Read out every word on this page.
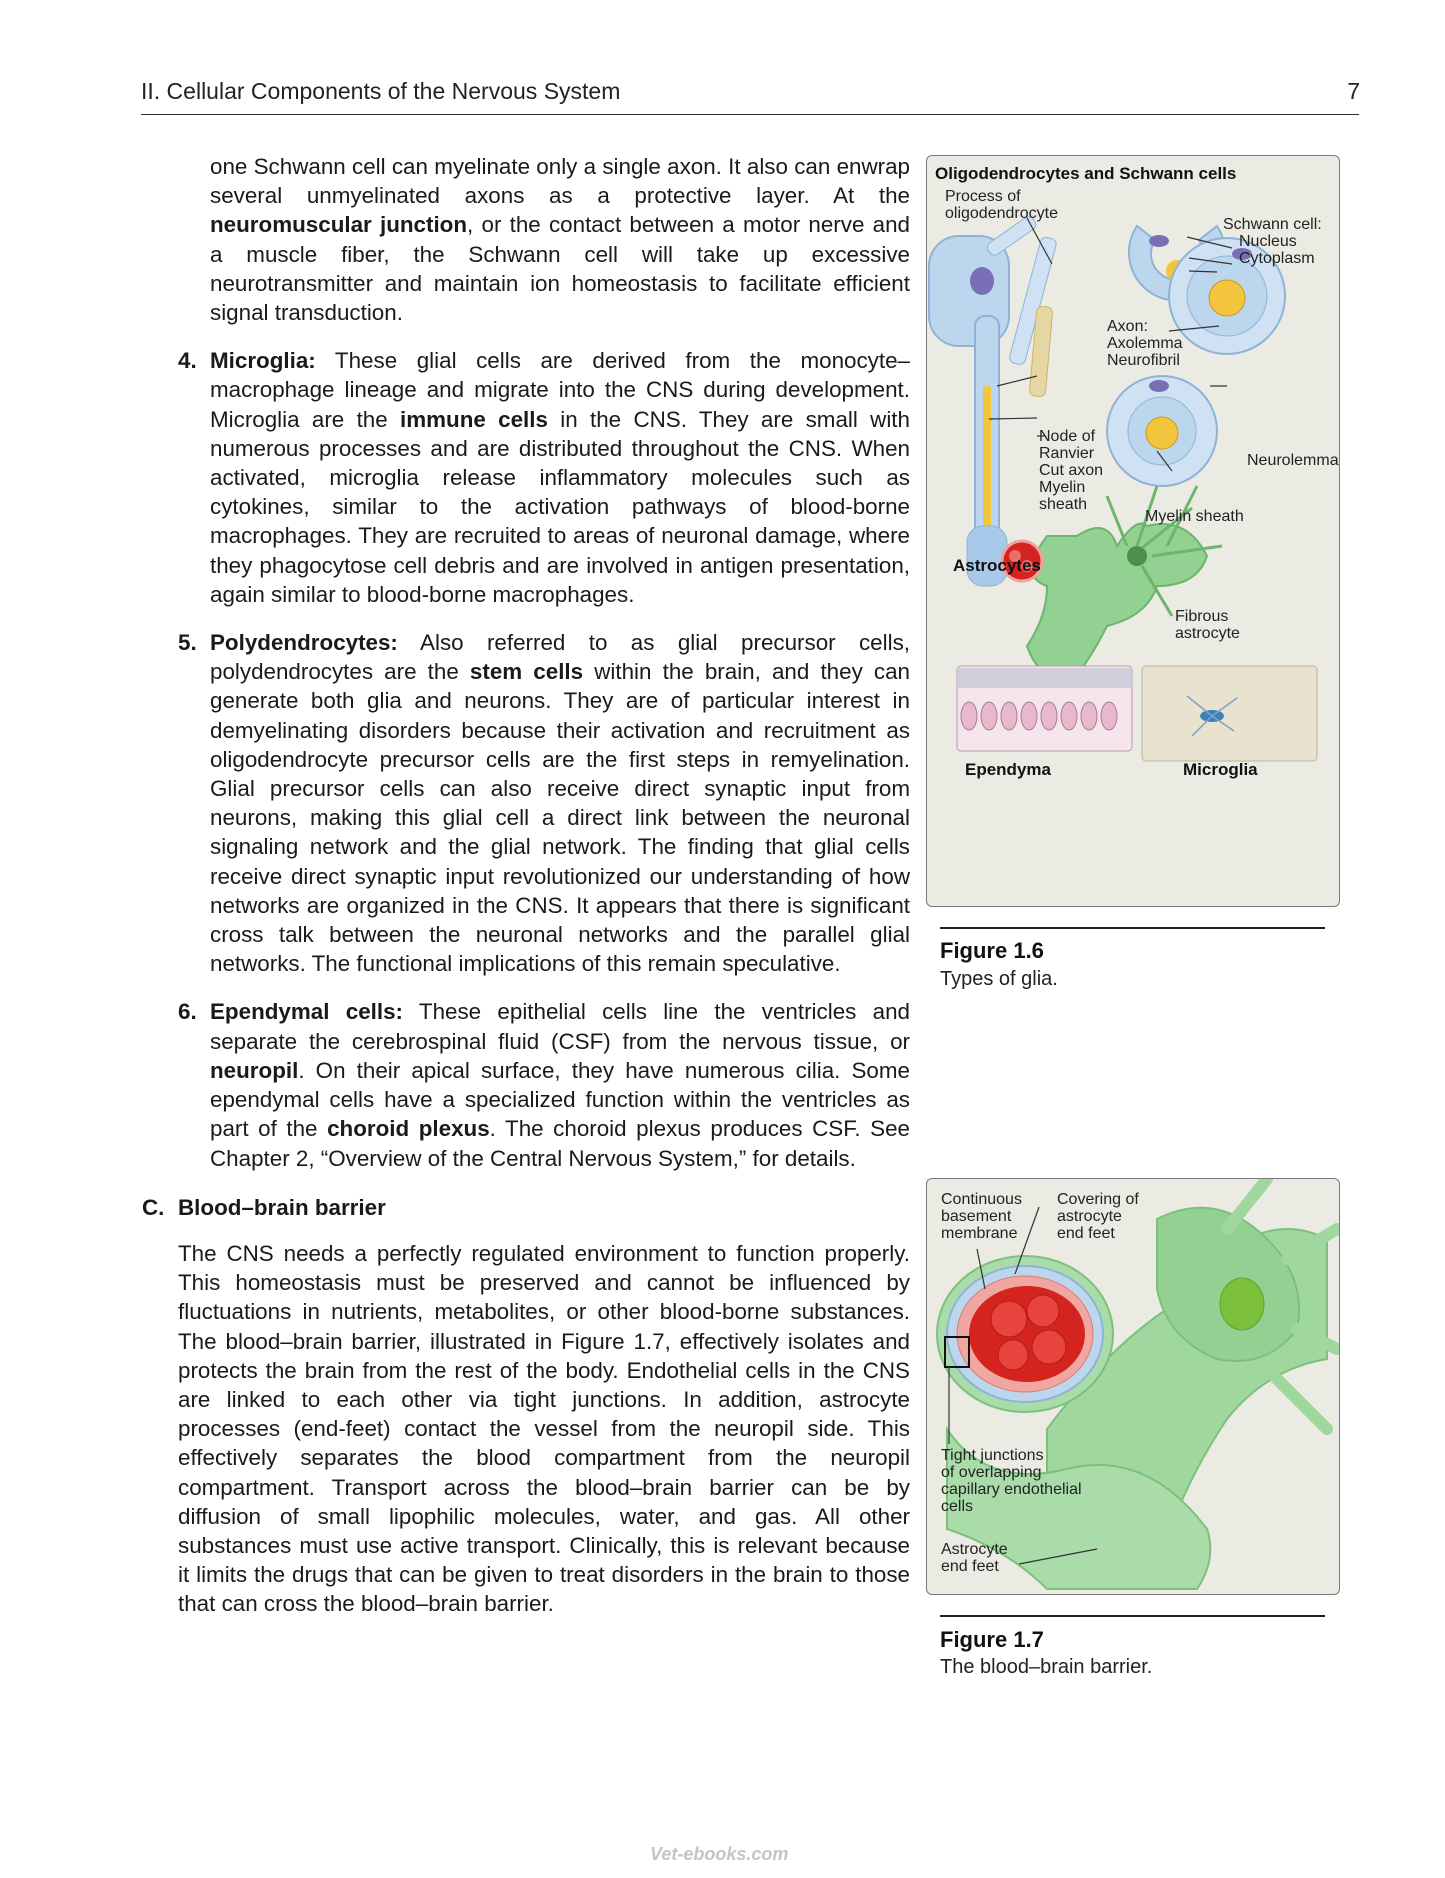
II. Cellular Components of the Nervous System	7

one Schwann cell can myelinate only a single axon. It also can enwrap several unmyelinated axons as a protective layer. At the neuromuscular junction, or the contact between a motor nerve and a muscle fiber, the Schwann cell will take up excessive neurotransmitter and maintain ion homeostasis to facilitate efficient signal transduction.

4. Microglia: These glial cells are derived from the monocyte–macrophage lineage and migrate into the CNS during development. Microglia are the immune cells in the CNS. They are small with numerous processes and are distributed throughout the CNS. When activated, microglia release inflammatory molecules such as cytokines, similar to the activation pathways of blood-borne macrophages. They are recruited to areas of neuronal damage, where they phagocytose cell debris and are involved in antigen presentation, again similar to blood-borne macrophages.
5. Polydendrocytes: Also referred to as glial precursor cells, polydendrocytes are the stem cells within the brain, and they can generate both glia and neurons. They are of particular interest in demyelinating disorders because their activation and recruitment as oligodendrocyte precursor cells are the first steps in remyelination. Glial precursor cells can also receive direct synaptic input from neurons, making this glial cell a direct link between the neuronal signaling network and the glial network. The finding that glial cells receive direct synaptic input revolutionized our understanding of how networks are organized in the CNS. It appears that there is significant cross talk between the neuronal networks and the parallel glial networks. The functional implications of this remain speculative.
6. Ependymal cells: These epithelial cells line the ventricles and separate the cerebrospinal fluid (CSF) from the nervous tissue, or neuropil. On their apical surface, they have numerous cilia. Some ependymal cells have a specialized function within the ventricles as part of the choroid plexus. The choroid plexus produces CSF. See Chapter 2, “Overview of the Central Nervous System,” for details.
C. Blood–brain barrier

The CNS needs a perfectly regulated environment to function properly. This homeostasis must be preserved and cannot be influenced by fluctuations in nutrients, metabolites, or other blood-borne substances. The blood–brain barrier, illustrated in Figure 1.7, effectively isolates and protects the brain from the rest of the body. Endothelial cells in the CNS are linked to each other via tight junctions. In addition, astrocyte processes (end-feet) contact the vessel from the neuropil side. This effectively separates the blood compartment from the neuropil compartment. Transport across the blood–brain barrier can be by diffusion of small lipophilic molecules, water, and gas. All other substances must use active transport. Clinically, this is relevant because it limits the drugs that can be given to treat disorders in the brain to those that can cross the blood–brain barrier.

Oligodendrocytes and Schwann cells
Process of
oligodendrocyte
Schwann cell:
Nucleus
Cytoplasm
Axon:
Axolemma
Neurofibril
Node of
Ranvier
Cut axon
Myelin
sheath
Neurolemma
Myelin sheath
Astrocytes
Fibrous
astrocyte
Ependyma	Microglia
Figure 1.6
Types of glia.
Continuous
basement
membrane
Covering of
astrocyte
end feet
Tight junctions
of overlapping
capillary endothelial
cells
Astrocyte
end feet
Figure 1.7
The blood–brain barrier.
Vet-ebooks.com
